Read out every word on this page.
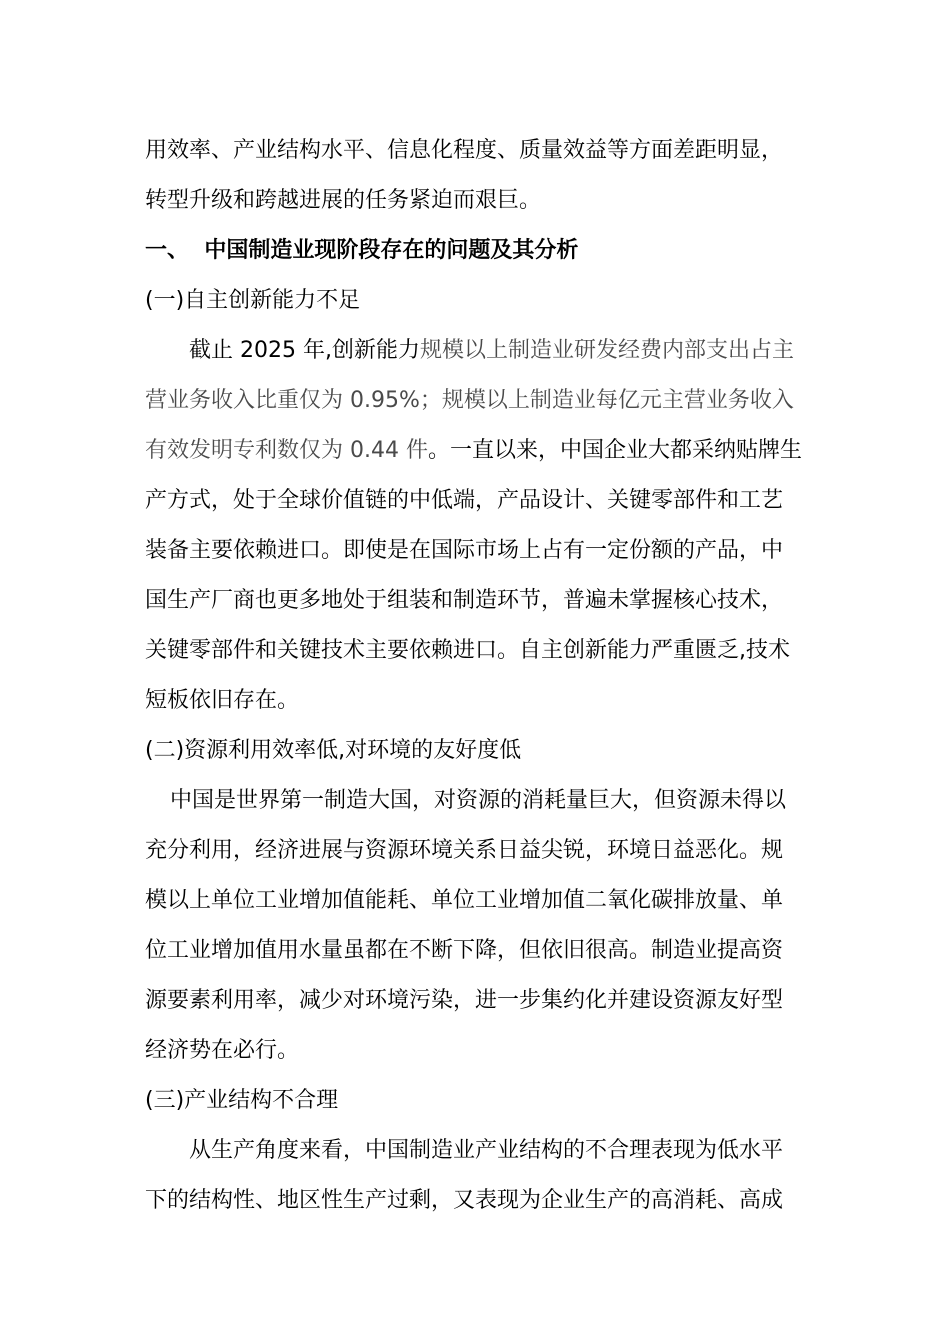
用效率、产业结构水平、信息化程度、质量效益等方面差距明显，
转型升级和跨越进展的任务紧迫而艰巨。
一、  中国制造业现阶段存在的问题及其分析
(一)自主创新能力不足
截止 2025 年,创新能力规模以上制造业研发经费内部支出占主
营业务收入比重仅为 0.95%；规模以上制造业每亿元主营业务收入
有效发明专利数仅为 0.44 件。一直以来，中国企业大都采纳贴牌生
产方式，处于全球价值链的中低端，产品设计、关键零部件和工艺
装备主要依赖进口。即使是在国际市场上占有一定份额的产品，中
国生产厂商也更多地处于组装和制造环节，普遍未掌握核心技术，
关键零部件和关键技术主要依赖进口。自主创新能力严重匮乏,技术
短板依旧存在。
(二)资源利用效率低,对环境的友好度低
中国是世界第一制造大国，对资源的消耗量巨大，但资源未得以
充分利用，经济进展与资源环境关系日益尖锐，环境日益恶化。规
模以上单位工业增加值能耗、单位工业增加值二氧化碳排放量、单
位工业增加值用水量虽都在不断下降，但依旧很高。制造业提高资
源要素利用率，减少对环境污染，进一步集约化并建设资源友好型
经济势在必行。
(三)产业结构不合理
从生产角度来看，中国制造业产业结构的不合理表现为低水平
下的结构性、地区性生产过剩，又表现为企业生产的高消耗、高成
